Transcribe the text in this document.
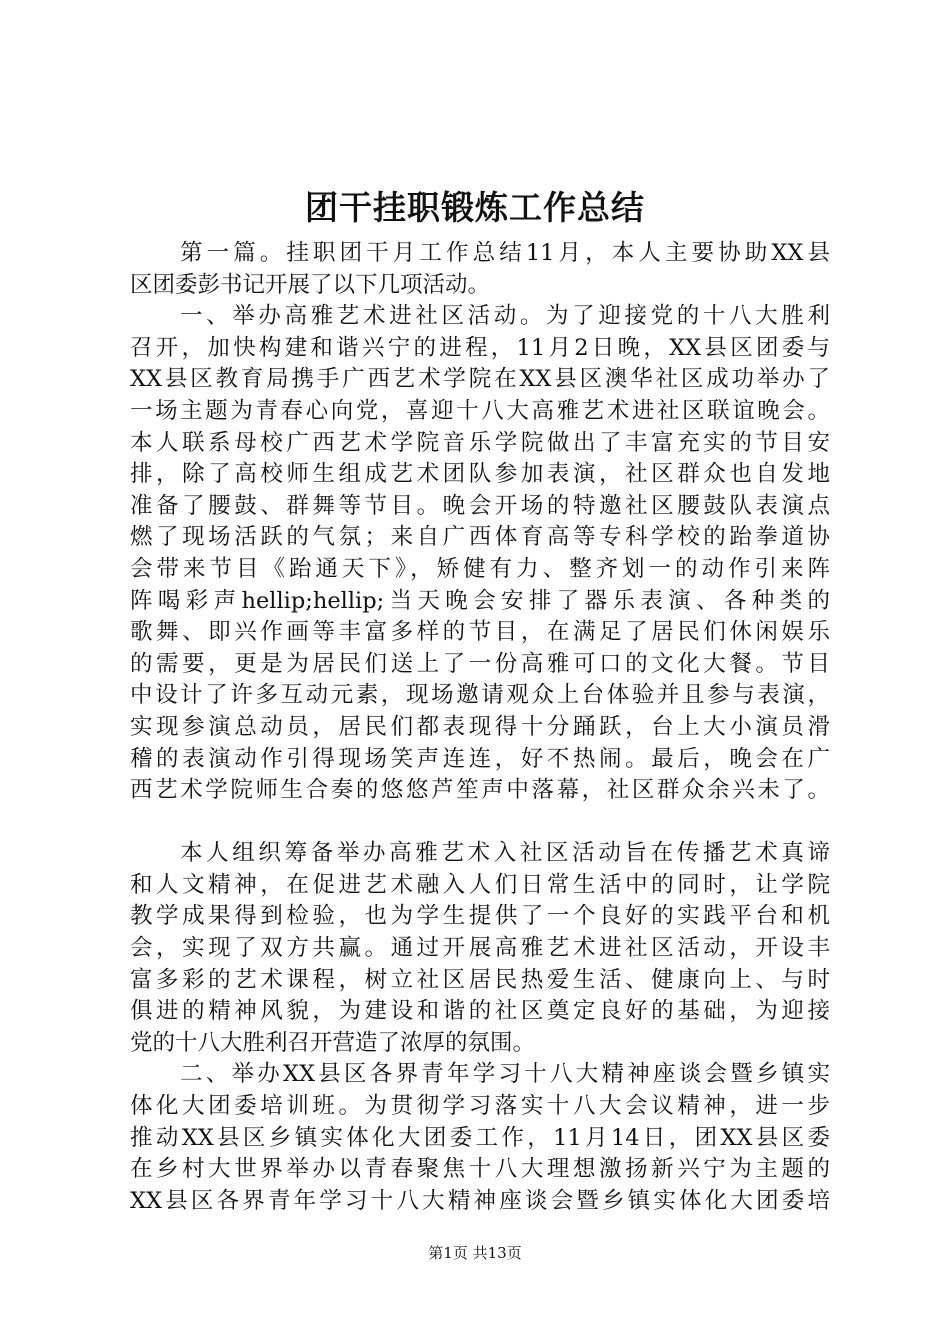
团干挂职锻炼工作总结
第一篇。挂职团干月工作总结11月，本人主要协助XX县
区团委彭书记开展了以下几项活动。
一、举办高雅艺术进社区活动。为了迎接党的十八大胜利
召开，加快构建和谐兴宁的进程，11月2日晚，XX县区团委与
XX县区教育局携手广西艺术学院在XX县区澳华社区成功举办了
一场主题为青春心向党，喜迎十八大高雅艺术进社区联谊晚会。
本人联系母校广西艺术学院音乐学院做出了丰富充实的节目安
排，除了高校师生组成艺术团队参加表演，社区群众也自发地
准备了腰鼓、群舞等节目。晚会开场的特邀社区腰鼓队表演点
燃了现场活跃的气氛；来自广西体育高等专科学校的跆拳道协
会带来节目《跆通天下》，矫健有力、整齐划一的动作引来阵
阵喝彩声hellip;hellip;当天晚会安排了器乐表演、各种类的
歌舞、即兴作画等丰富多样的节目，在满足了居民们休闲娱乐
的需要，更是为居民们送上了一份高雅可口的文化大餐。节目
中设计了许多互动元素，现场邀请观众上台体验并且参与表演，
实现参演总动员，居民们都表现得十分踊跃，台上大小演员滑
稽的表演动作引得现场笑声连连，好不热闹。最后，晚会在广
西艺术学院师生合奏的悠悠芦笙声中落幕，社区群众余兴未了。
本人组织筹备举办高雅艺术入社区活动旨在传播艺术真谛
和人文精神，在促进艺术融入人们日常生活中的同时，让学院
教学成果得到检验，也为学生提供了一个良好的实践平台和机
会，实现了双方共赢。通过开展高雅艺术进社区活动，开设丰
富多彩的艺术课程，树立社区居民热爱生活、健康向上、与时
俱进的精神风貌，为建设和谐的社区奠定良好的基础，为迎接
党的十八大胜利召开营造了浓厚的氛围。
二、举办XX县区各界青年学习十八大精神座谈会暨乡镇实
体化大团委培训班。为贯彻学习落实十八大会议精神，进一步
推动XX县区乡镇实体化大团委工作，11月14日，团XX县区委
在乡村大世界举办以青春聚焦十八大理想激扬新兴宁为主题的
XX县区各界青年学习十八大精神座谈会暨乡镇实体化大团委培
第1页 共13页
